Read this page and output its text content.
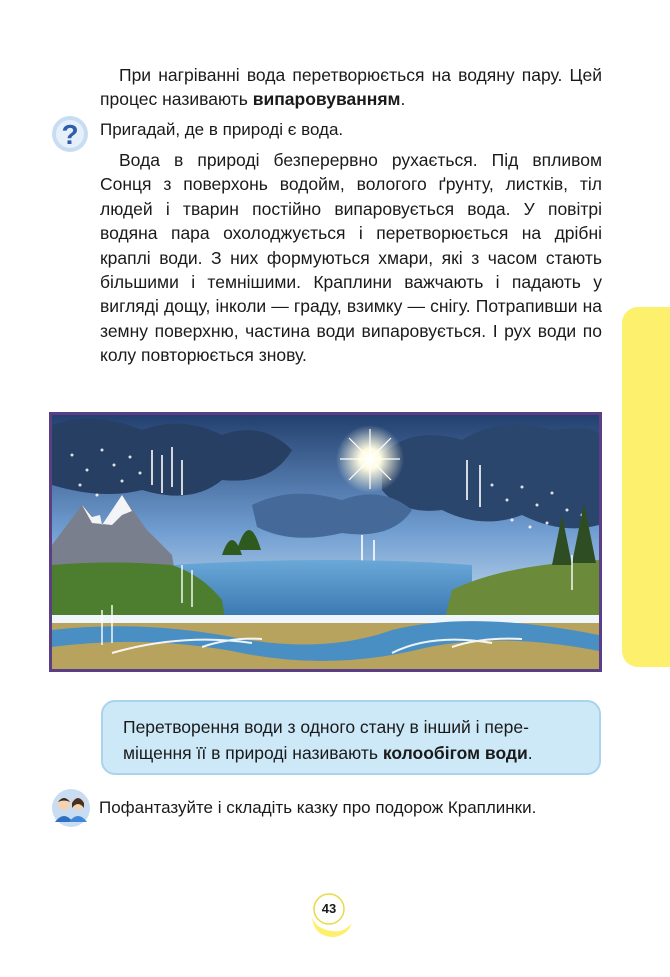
При нагріванні вода перетворюється на водяну пару. Цей процес називають випаровуванням.

? Пригадай, де в природі є вода.

Вода в природі безперервно рухається. Під впливом Сонця з поверхонь водойм, вологого ґрунту, листків, тіл людей і тварин постійно випаровується вода. У повітрі водяна пара охолоджується і перетворюється на дрібні краплі води. З них формуються хмари, які з часом стають більшими і темнішими. Краплини важчають і падають у вигляді дощу, інколи — граду, взимку — снігу. Потрапивши на земну поверхню, частина води випаровується. І рух води по колу повторюється знову.

Перетворення води з одного стану в інший і переміщення її в природі називають колообігом води.

Пофантазуйте і складіть казку про подорож Краплинки.

43
